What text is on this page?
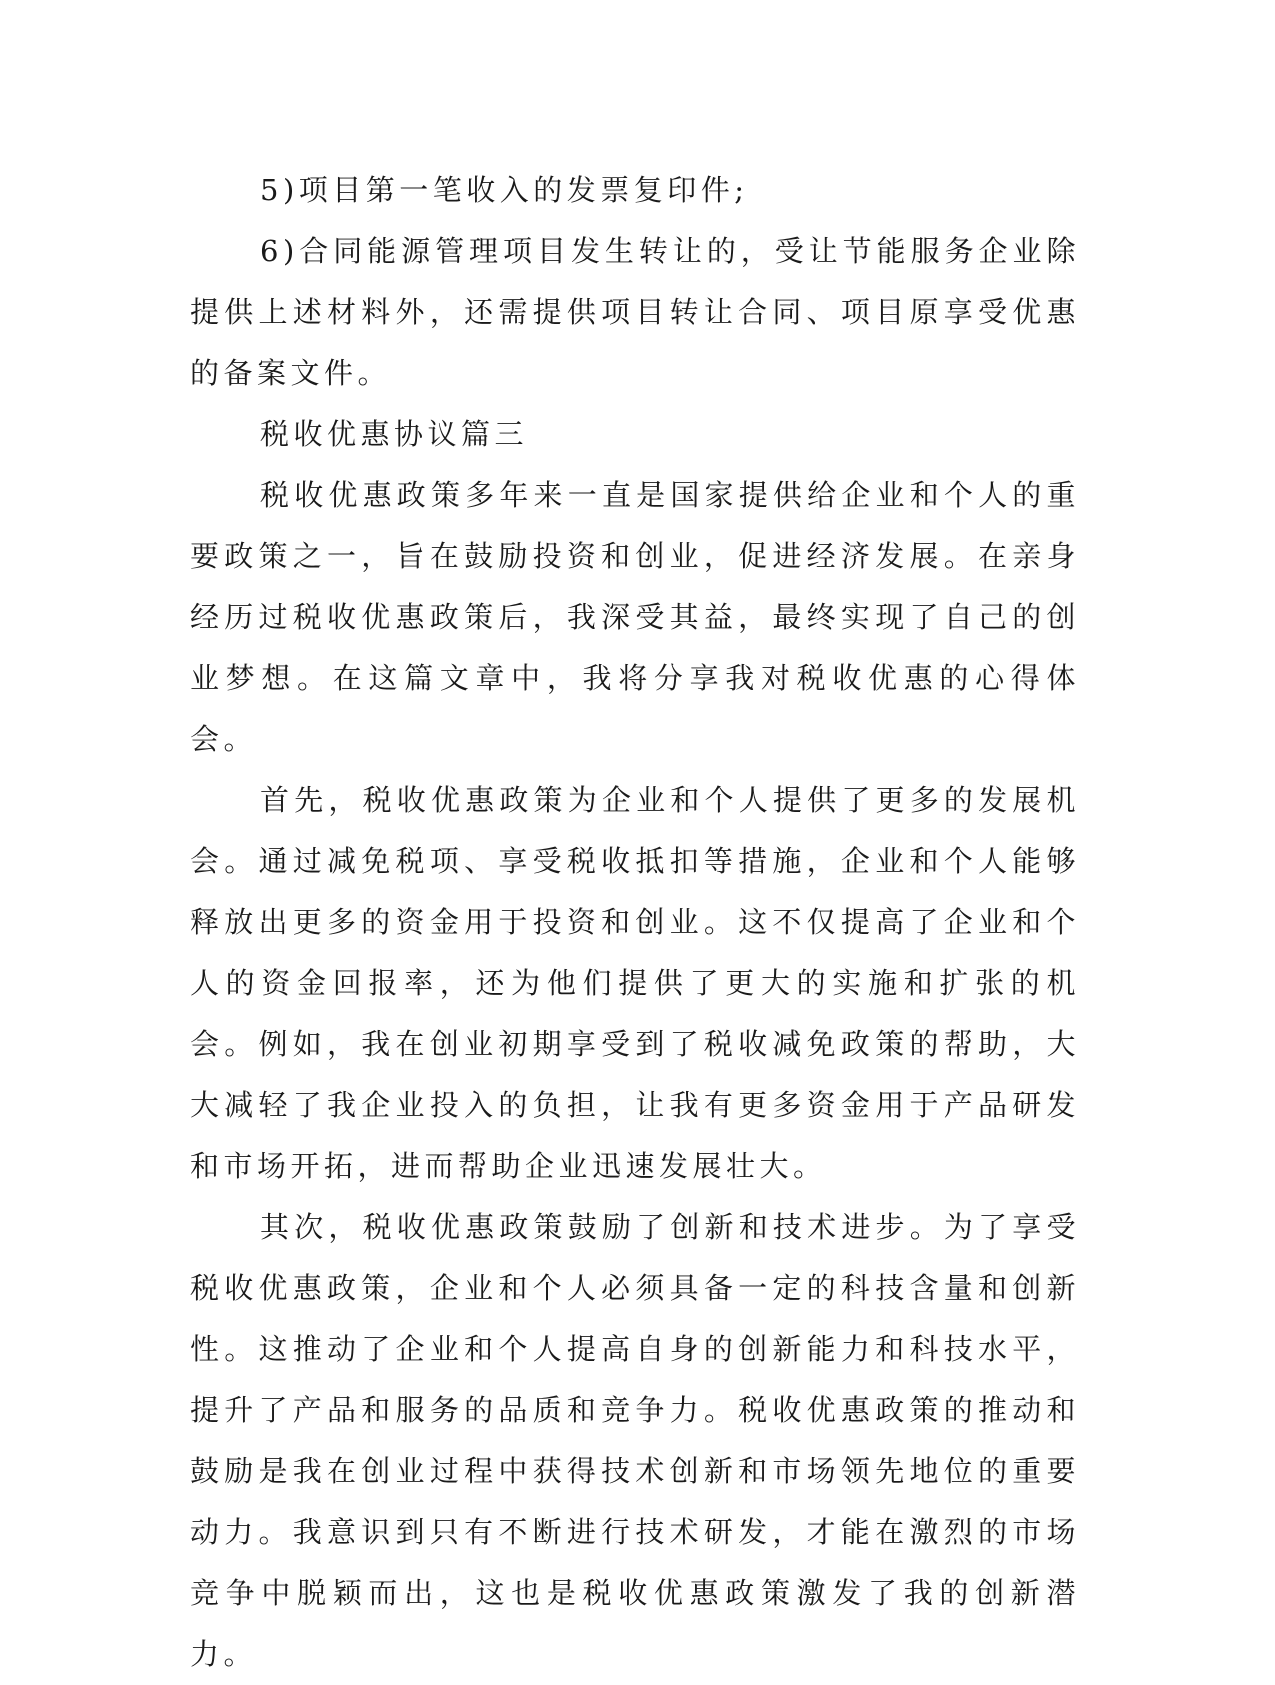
5)项目第一笔收入的发票复印件;

6)合同能源管理项目发生转让的，受让节能服务企业除提供上述材料外，还需提供项目转让合同、项目原享受优惠的备案文件。

税收优惠协议篇三

税收优惠政策多年来一直是国家提供给企业和个人的重要政策之一，旨在鼓励投资和创业，促进经济发展。在亲身经历过税收优惠政策后，我深受其益，最终实现了自己的创业梦想。在这篇文章中，我将分享我对税收优惠的心得体会。

首先，税收优惠政策为企业和个人提供了更多的发展机会。通过减免税项、享受税收抵扣等措施，企业和个人能够释放出更多的资金用于投资和创业。这不仅提高了企业和个人的资金回报率，还为他们提供了更大的实施和扩张的机会。例如，我在创业初期享受到了税收减免政策的帮助，大大减轻了我企业投入的负担，让我有更多资金用于产品研发和市场开拓，进而帮助企业迅速发展壮大。

其次，税收优惠政策鼓励了创新和技术进步。为了享受税收优惠政策，企业和个人必须具备一定的科技含量和创新性。这推动了企业和个人提高自身的创新能力和科技水平，提升了产品和服务的品质和竞争力。税收优惠政策的推动和鼓励是我在创业过程中获得技术创新和市场领先地位的重要动力。我意识到只有不断进行技术研发，才能在激烈的市场竞争中脱颖而出，这也是税收优惠政策激发了我的创新潜力。
